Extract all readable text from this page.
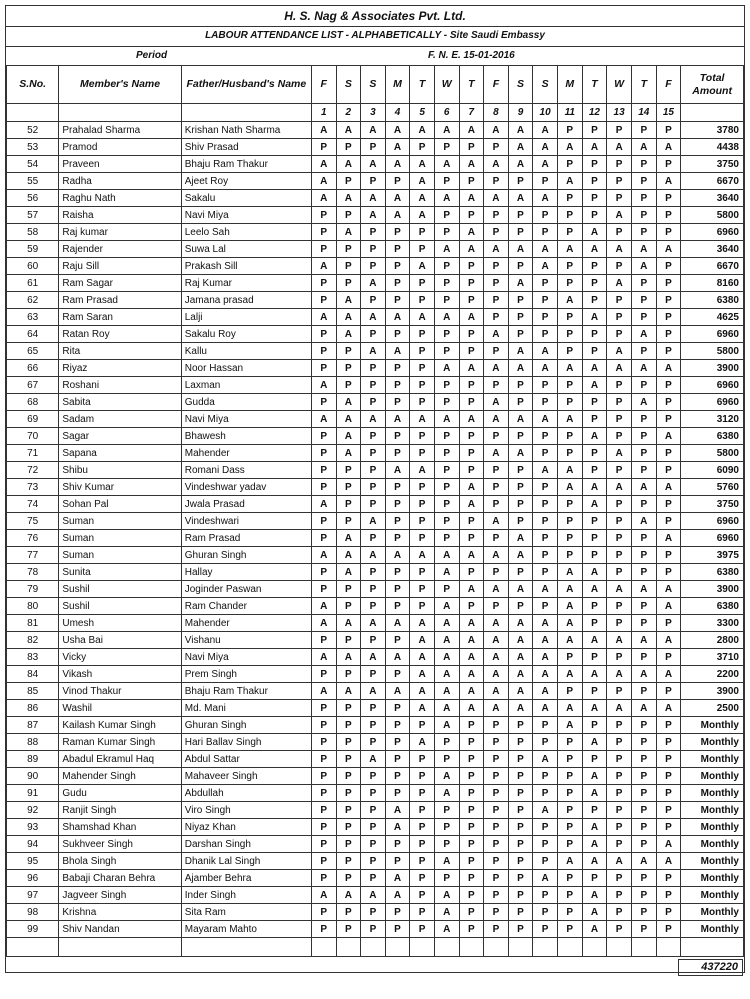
H. S. Nag & Associates Pvt. Ltd.
LABOUR ATTENDANCE LIST - ALPHABETICALLY - Site Saudi Embassy
Period	F. N. E. 15-01-2016
S.No.	Member's Name	Father/Husband's Name	F	S	S	M	T	W	T	F	S	S	M	T	W	T	F	Total Amount
			1	2	3	4	5	6	7	8	9	10	11	12	13	14	15	
52	Prahalad Sharma	Krishan Nath Sharma	A	A	A	A	A	A	A	A	A	A	P	P	P	P	P	3780
53	Pramod	Shiv Prasad	P	P	P	A	P	P	P	P	A	A	A	A	A	A	A	4438
54	Praveen	Bhaju Ram Thakur	A	A	A	A	A	A	A	A	A	A	P	P	P	P	P	3750
55	Radha	Ajeet Roy	A	P	P	P	A	P	P	P	P	P	A	P	P	P	A	6670
56	Raghu Nath	Sakalu	A	A	A	A	A	A	A	A	A	A	P	P	P	P	P	3640
57	Raisha	Navi Miya	P	P	A	A	A	P	P	P	P	P	P	P	A	P	P	5800
58	Raj kumar	Leelo Sah	P	A	P	P	P	P	A	P	P	P	P	A	P	P	P	6960
59	Rajender	Suwa Lal	P	P	P	P	P	A	A	A	A	A	A	A	A	A	A	3640
60	Raju Sill	Prakash Sill	A	P	P	P	A	P	P	P	P	A	P	P	P	A	P	6670
61	Ram Sagar	Raj Kumar	P	P	A	P	P	P	P	P	A	P	P	P	A	P	P	8160
62	Ram Prasad	Jamana prasad	P	A	P	P	P	P	P	P	P	P	A	P	P	P	P	6380
63	Ram Saran	Lalji	A	A	A	A	A	A	A	P	P	P	P	A	P	P	P	4625
64	Ratan Roy	Sakalu Roy	P	A	P	P	P	P	P	A	P	P	P	P	P	A	P	6960
65	Rita	Kallu	P	P	A	A	P	P	P	P	A	A	P	P	A	P	P	5800
66	Riyaz	Noor Hassan	P	P	P	P	P	A	A	A	A	A	A	A	A	A	A	3900
67	Roshani	Laxman	A	P	P	P	P	P	P	P	P	P	P	A	P	P	P	6960
68	Sabita	Gudda	P	A	P	P	P	P	P	A	P	P	P	P	P	A	P	6960
69	Sadam	Navi Miya	A	A	A	A	A	A	A	A	A	A	A	P	P	P	P	3120
70	Sagar	Bhawesh	P	A	P	P	P	P	P	P	P	P	P	A	P	P	A	6380
71	Sapana	Mahender	P	A	P	P	P	P	P	A	A	P	P	P	A	P	P	5800
72	Shibu	Romani Dass	P	P	P	A	A	P	P	P	P	A	A	P	P	P	P	6090
73	Shiv Kumar	Vindeshwar yadav	P	P	P	P	P	P	A	P	P	P	A	A	A	A	A	5760
74	Sohan Pal	Jwala Prasad	A	P	P	P	P	P	A	P	P	P	P	A	P	P	P	3750
75	Suman	Vindeshwari	P	P	A	P	P	P	P	A	P	P	P	P	P	A	P	6960
76	Suman	Ram Prasad	P	A	P	P	P	P	P	P	A	P	P	P	P	P	A	6960
77	Suman	Ghuran Singh	A	A	A	A	A	A	A	A	A	P	P	P	P	P	P	3975
78	Sunita	Hallay	P	A	P	P	P	A	P	P	P	P	A	A	P	P	P	6380
79	Sushil	Joginder Paswan	P	P	P	P	P	P	A	A	A	A	A	A	A	A	A	3900
80	Sushil	Ram Chander	A	P	P	P	P	A	P	P	P	P	A	P	P	P	A	6380
81	Umesh	Mahender	A	A	A	A	A	A	A	A	A	A	A	P	P	P	P	3300
82	Usha Bai	Vishanu	P	P	P	P	A	A	A	A	A	A	A	A	A	A	A	2800
83	Vicky	Navi Miya	A	A	A	A	A	A	A	A	A	A	P	P	P	P	P	3710
84	Vikash	Prem Singh	P	P	P	P	A	A	A	A	A	A	A	A	A	A	A	2200
85	Vinod Thakur	Bhaju Ram Thakur	A	A	A	A	A	A	A	A	A	A	P	P	P	P	P	3900
86	Washil	Md. Mani	P	P	P	P	A	A	A	A	A	A	A	A	A	A	A	2500
87	Kailash Kumar Singh	Ghuran Singh	P	P	P	P	P	A	P	P	P	P	A	P	P	P	P	Monthly
88	Raman Kumar Singh	Hari Ballav Singh	P	P	P	P	A	P	P	P	P	P	P	A	P	P	P	Monthly
89	Abadul Ekramul Haq	Abdul Sattar	P	P	A	P	P	P	P	P	P	A	P	P	P	P	P	Monthly
90	Mahender Singh	Mahaveer Singh	P	P	P	P	P	A	P	P	P	P	P	A	P	P	P	Monthly
91	Gudu	Abdullah	P	P	P	P	P	A	P	P	P	P	P	A	P	P	P	Monthly
92	Ranjit Singh	Viro Singh	P	P	P	A	P	P	P	P	P	A	P	P	P	P	P	Monthly
93	Shamshad Khan	Niyaz Khan	P	P	P	A	P	P	P	P	P	P	P	A	P	P	P	Monthly
94	Sukhveer Singh	Darshan Singh	P	P	P	P	P	P	P	P	P	P	P	A	P	P	A	Monthly
95	Bhola Singh	Dhanik Lal Singh	P	P	P	P	P	A	P	P	P	P	A	A	A	A	A	Monthly
96	Babaji Charan Behra	Ajamber Behra	P	P	P	A	P	P	P	P	P	A	P	P	P	P	P	Monthly
97	Jagveer Singh	Inder Singh	A	A	A	A	P	A	P	P	P	P	P	A	P	P	P	Monthly
98	Krishna	Sita Ram	P	P	P	P	P	A	P	P	P	P	P	A	P	P	P	Monthly
99	Shiv Nandan	Mayaram Mahto	P	P	P	P	P	A	P	P	P	P	P	A	P	P	P	Monthly

437220
